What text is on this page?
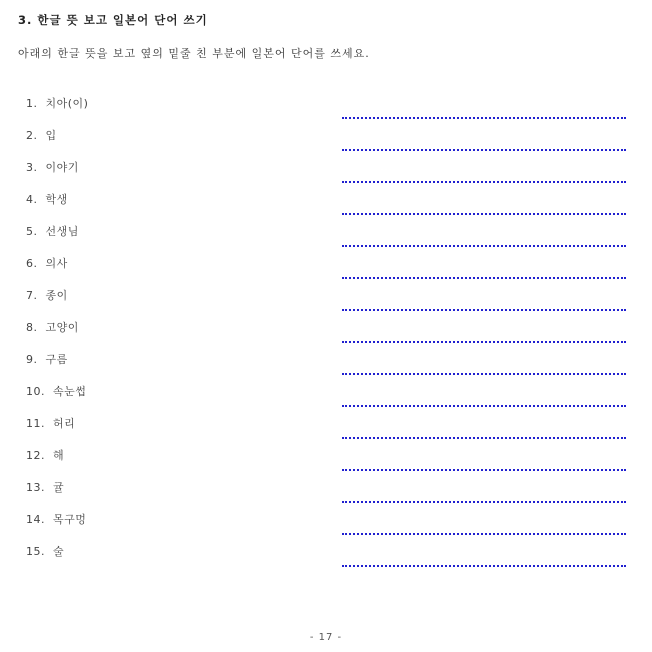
3. 한글 뜻 보고 일본어 단어 쓰기
아래의 한글 뜻을 보고 옆의 밑줄 친 부분에 일본어 단어를 쓰세요.
1. 치아(이)
2. 입
3. 이야기
4. 학생
5. 선생님
6. 의사
7. 종이
8. 고양이
9. 구름
10. 속눈썹
11. 허리
12. 해
13. 귤
14. 목구멍
15. 술
- 17 -
